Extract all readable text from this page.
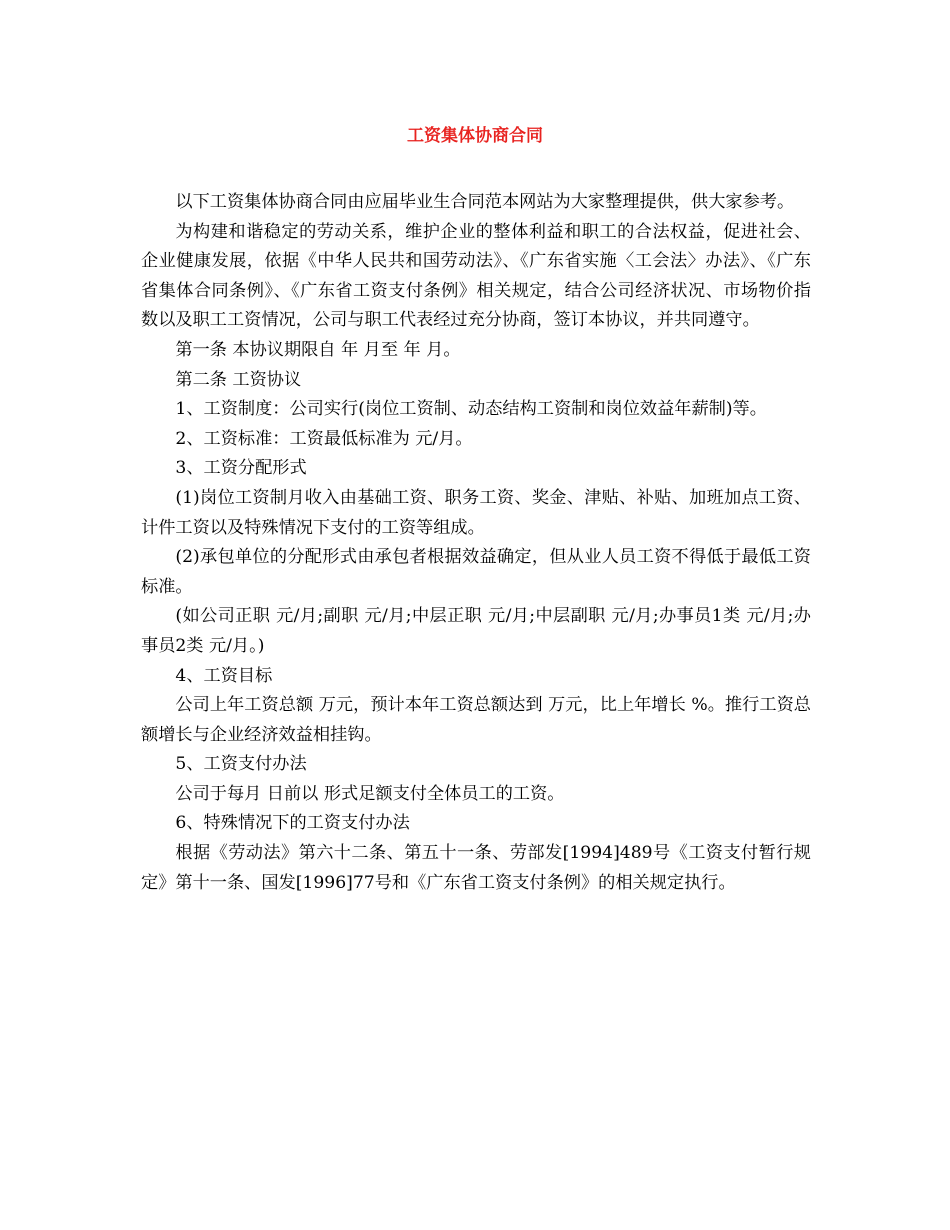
工资集体协商合同

以下工资集体协商合同由应届毕业生合同范本网站为大家整理提供，供大家参考。

为构建和谐稳定的劳动关系，维护企业的整体利益和职工的合法权益，促进社会、企业健康发展，依据《中华人民共和国劳动法》、《广东省实施〈工会法〉办法》、《广东省集体合同条例》、《广东省工资支付条例》相关规定，结合公司经济状况、市场物价指数以及职工工资情况，公司与职工代表经过充分协商，签订本协议，并共同遵守。

第一条 本协议期限自 年 月至 年 月。

第二条 工资协议

1、工资制度：公司实行(岗位工资制、动态结构工资制和岗位效益年薪制)等。

2、工资标准：工资最低标准为 元/月。

3、工资分配形式

(1)岗位工资制月收入由基础工资、职务工资、奖金、津贴、补贴、加班加点工资、计件工资以及特殊情况下支付的工资等组成。

(2)承包单位的分配形式由承包者根据效益确定，但从业人员工资不得低于最低工资标准。

(如公司正职 元/月;副职 元/月;中层正职 元/月;中层副职 元/月;办事员1类 元/月;办事员2类 元/月。)

4、工资目标

公司上年工资总额 万元，预计本年工资总额达到 万元，比上年增长 %。推行工资总额增长与企业经济效益相挂钩。

5、工资支付办法

公司于每月 日前以 形式足额支付全体员工的工资。

6、特殊情况下的工资支付办法

根据《劳动法》第六十二条、第五十一条、劳部发[1994]489号《工资支付暂行规定》第十一条、国发[1996]77号和《广东省工资支付条例》的相关规定执行。
